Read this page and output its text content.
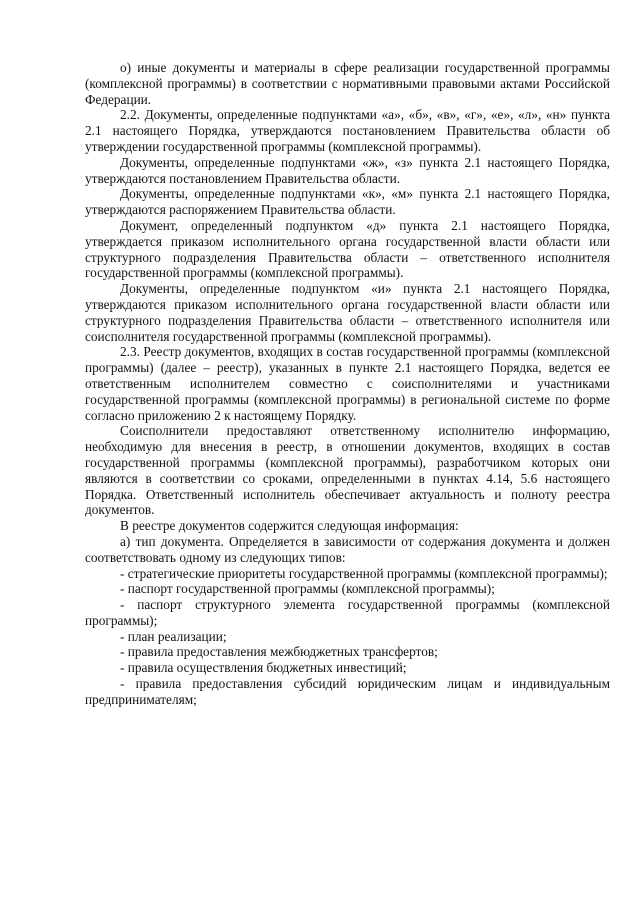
о) иные документы и материалы в сфере реализации государственной программы (комплексной программы) в соответствии с нормативными правовыми актами Российской Федерации.

2.2. Документы, определенные подпунктами «а», «б», «в», «г», «е», «л», «н» пункта 2.1 настоящего Порядка, утверждаются постановлением Правительства области об утверждении государственной программы (комплексной программы).

Документы, определенные подпунктами «ж», «з» пункта 2.1 настоящего Порядка, утверждаются постановлением Правительства области.

Документы, определенные подпунктами «к», «м» пункта 2.1 настоящего Порядка, утверждаются распоряжением Правительства области.

Документ, определенный подпунктом «д» пункта 2.1 настоящего Порядка, утверждается приказом исполнительного органа государственной власти области или структурного подразделения Правительства области – ответственного исполнителя государственной программы (комплексной программы).

Документы, определенные подпунктом «и» пункта 2.1 настоящего Порядка, утверждаются приказом исполнительного органа государственной власти области или структурного подразделения Правительства области – ответственного исполнителя или соисполнителя государственной программы (комплексной программы).

2.3. Реестр документов, входящих в состав государственной программы (комплексной программы) (далее – реестр), указанных в пункте 2.1 настоящего Порядка, ведется ее ответственным исполнителем совместно с соисполнителями и участниками государственной программы (комплексной программы) в региональной системе по форме согласно приложению 2 к настоящему Порядку.

Соисполнители предоставляют ответственному исполнителю информацию, необходимую для внесения в реестр, в отношении документов, входящих в состав государственной программы (комплексной программы), разработчиком которых они являются в соответствии со сроками, определенными в пунктах 4.14, 5.6 настоящего Порядка. Ответственный исполнитель обеспечивает актуальность и полноту реестра документов.

В реестре документов содержится следующая информация:

а) тип документа. Определяется в зависимости от содержания документа и должен соответствовать одному из следующих типов:

- стратегические приоритеты государственной программы (комплексной программы);

- паспорт государственной программы (комплексной программы);

- паспорт структурного элемента государственной программы (комплексной программы);

- план реализации;

- правила предоставления межбюджетных трансфертов;

- правила осуществления бюджетных инвестиций;

- правила предоставления субсидий юридическим лицам и индивидуальным предпринимателям;
